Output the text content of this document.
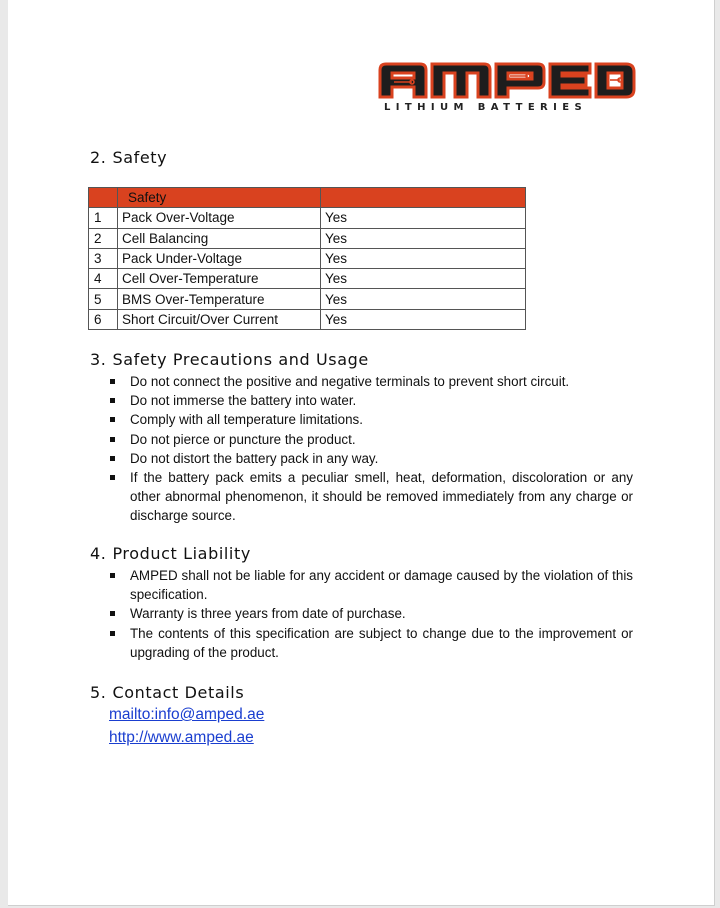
LITHIUM BATTERIES
2. Safety
	Safety	
1	Pack Over-Voltage	Yes
2	Cell Balancing	Yes
3	Pack Under-Voltage	Yes
4	Cell Over-Temperature	Yes
5	BMS Over-Temperature	Yes
6	Short Circuit/Over Current	Yes
3. Safety Precautions and Usage
Do not connect the positive and negative terminals to prevent short circuit.
Do not immerse the battery into water.
Comply with all temperature limitations.
Do not pierce or puncture the product.
Do not distort the battery pack in any way.
If the battery pack emits a peculiar smell, heat, deformation, discoloration or any other abnormal phenomenon, it should be removed immediately from any charge or discharge source.
4. Product Liability
AMPED shall not be liable for any accident or damage caused by the violation of this specification.
Warranty is three years from date of purchase.
The contents of this specification are subject to change due to the improvement or upgrading of the product.
5. Contact Details
mailto:info@amped.ae
http://www.amped.ae
